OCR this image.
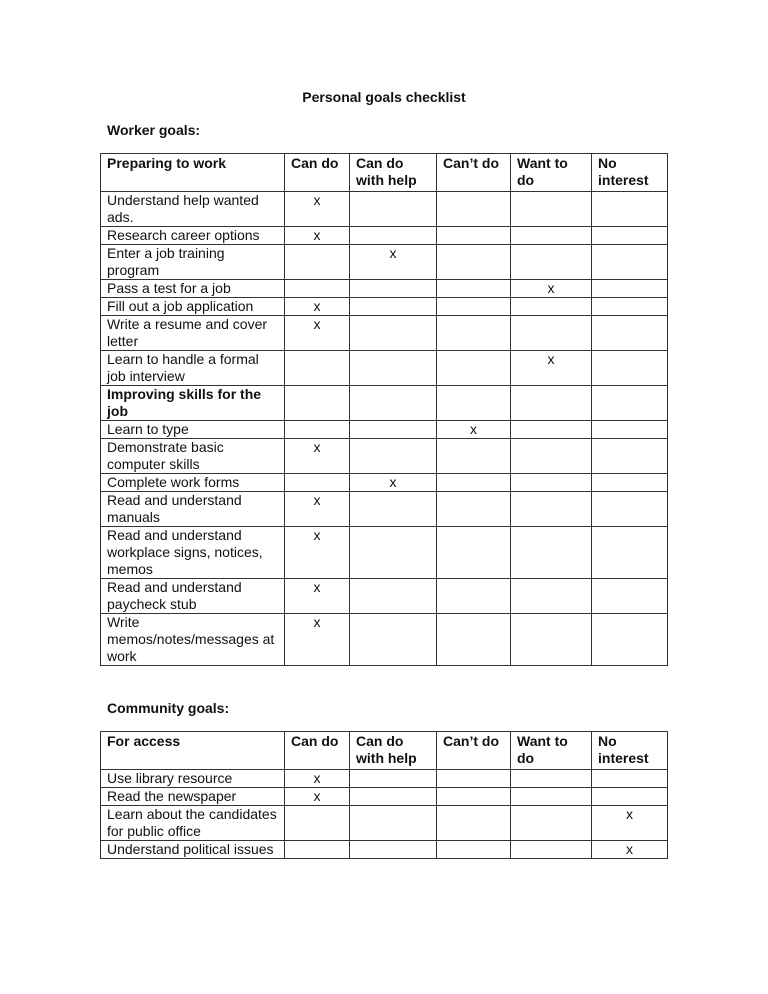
Personal goals checklist
Worker goals:
Preparing to work	Can do	Can do with help	Can’t do	Want to do	No interest
Understand help wanted ads.	x				
Research career options	x				
Enter a job training program		x			
Pass a test for a job				x	
Fill out a job application	x				
Write a resume and cover letter	x				
Learn to handle a formal job interview				x	
Improving skills for the job					
Learn to type			x		
Demonstrate basic computer skills	x				
Complete work forms		x			
Read and understand manuals	x				
Read and understand workplace signs, notices, memos	x				
Read and understand paycheck stub	x				
Write memos/notes/messages at work	x				
Community goals:
For access	Can do	Can do with help	Can’t do	Want to do	No interest
Use library resource	x				
Read the newspaper	x				
Learn about the candidates for public office					x
Understand political issues					x
